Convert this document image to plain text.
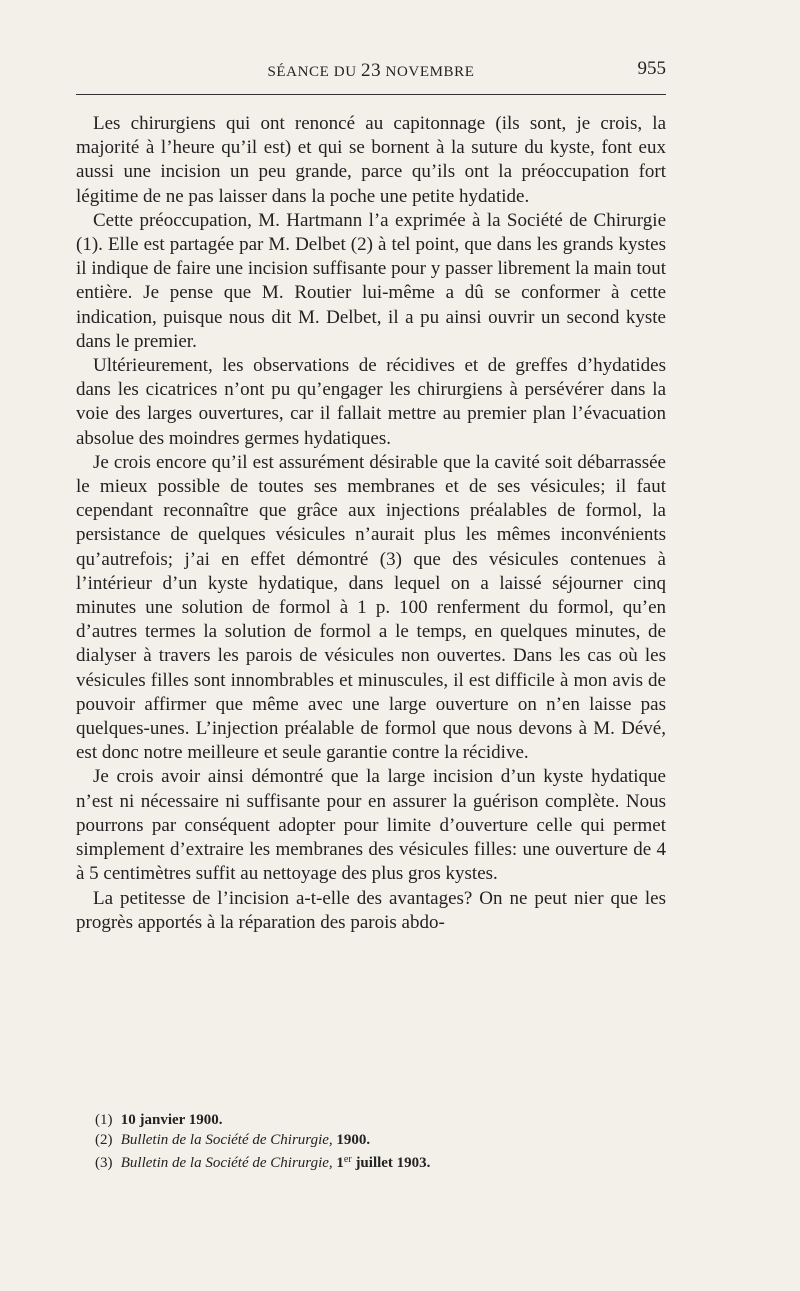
SÉANCE DU 23 NOVEMBRE	955

Les chirurgiens qui ont renoncé au capitonnage (ils sont, je crois, la majorité à l’heure qu’il est) et qui se bornent à la suture du kyste, font eux aussi une incision un peu grande, parce qu’ils ont la préoccupation fort légitime de ne pas laisser dans la poche une petite hydatide.

Cette préoccupation, M. Hartmann l’a exprimée à la Société de Chirurgie (1). Elle est partagée par M. Delbet (2) à tel point, que dans les grands kystes il indique de faire une incision suffisante pour y passer librement la main tout entière. Je pense que M. Routier lui-même a dû se conformer à cette indication, puisque nous dit M. Delbet, il a pu ainsi ouvrir un second kyste dans le premier.

Ultérieurement, les observations de récidives et de greffes d’hydatides dans les cicatrices n’ont pu qu’engager les chirurgiens à persévérer dans la voie des larges ouvertures, car il fallait mettre au premier plan l’évacuation absolue des moindres germes hydatiques.

Je crois encore qu’il est assurément désirable que la cavité soit débarrassée le mieux possible de toutes ses membranes et de ses vésicules; il faut cependant reconnaître que grâce aux injections préalables de formol, la persistance de quelques vésicules n’aurait plus les mêmes inconvénients qu’autrefois; j’ai en effet démontré (3) que des vésicules contenues à l’intérieur d’un kyste hydatique, dans lequel on a laissé séjourner cinq minutes une solution de formol à 1 p. 100 renferment du formol, qu’en d’autres termes la solution de formol a le temps, en quelques minutes, de dialyser à travers les parois de vésicules non ouvertes. Dans les cas où les vésicules filles sont innombrables et minuscules, il est difficile à mon avis de pouvoir affirmer que même avec une large ouverture on n’en laisse pas quelques-unes. L’injection préalable de formol que nous devons à M. Dévé, est donc notre meilleure et seule garantie contre la récidive.

Je crois avoir ainsi démontré que la large incision d’un kyste hydatique n’est ni nécessaire ni suffisante pour en assurer la guérison complète. Nous pourrons par conséquent adopter pour limite d’ouverture celle qui permet simplement d’extraire les membranes des vésicules filles: une ouverture de 4 à 5 centimètres suffit au nettoyage des plus gros kystes.

La petitesse de l’incision a-t-elle des avantages? On ne peut nier que les progrès apportés à la réparation des parois abdo-

(1) 10 janvier 1900.

(2) Bulletin de la Société de Chirurgie, 1900.

(3) Bulletin de la Société de Chirurgie, 1er juillet 1903.
